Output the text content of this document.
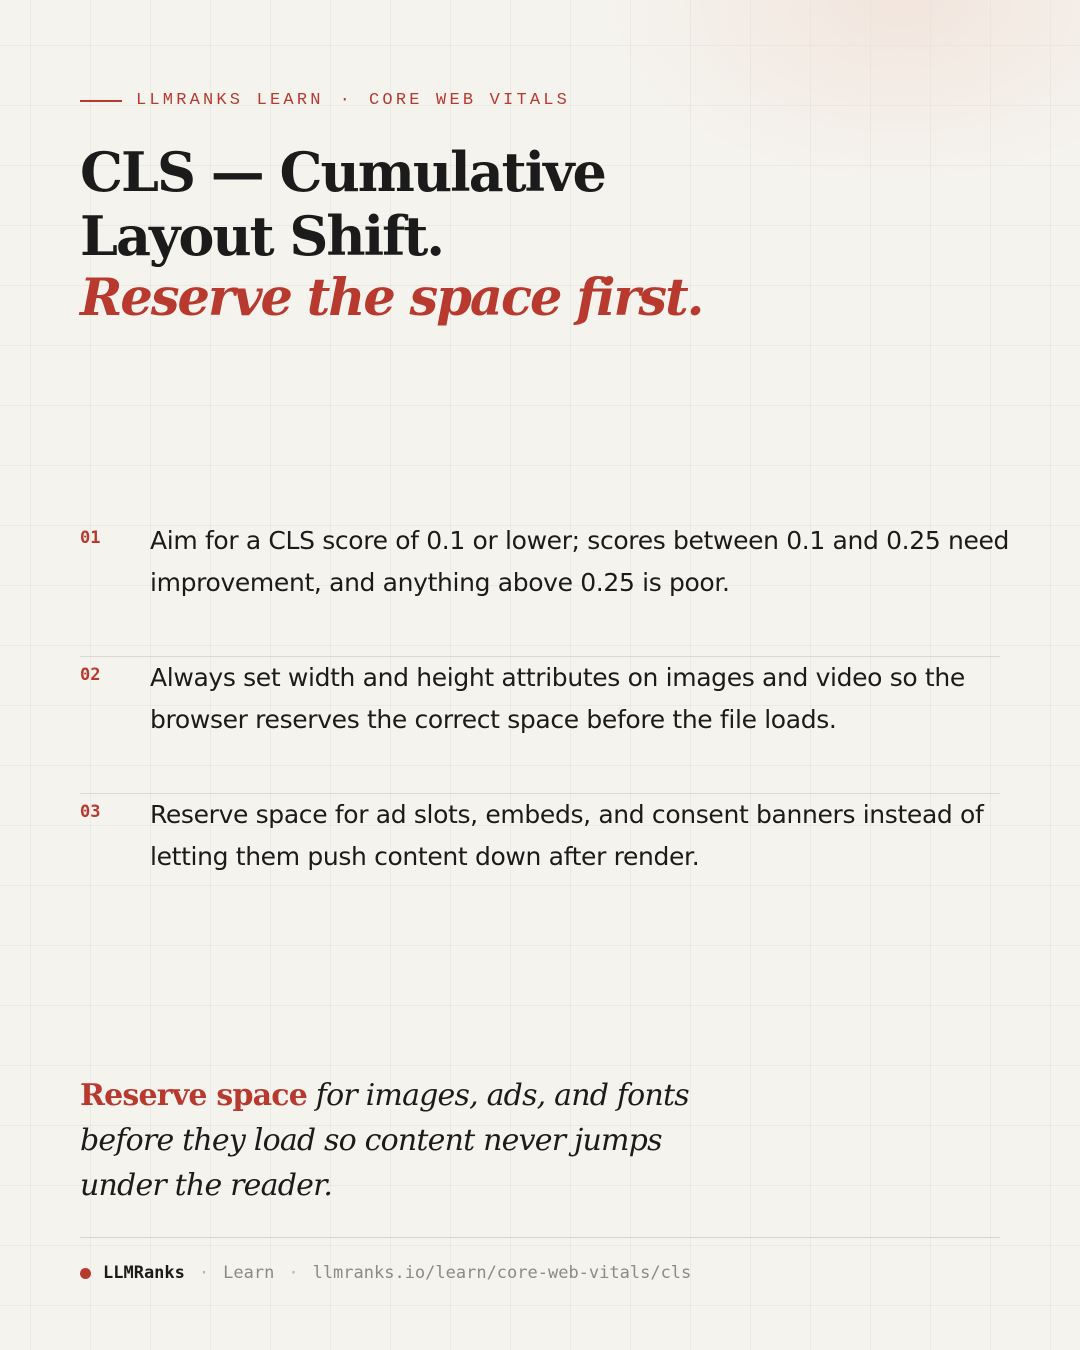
LLMRANKS LEARN · CORE WEB VITALS
CLS — Cumulative Layout Shift.
Reserve the space first.
01 Aim for a CLS score of 0.1 or lower; scores between 0.1 and 0.25 need improvement, and anything above 0.25 is poor.
02 Always set width and height attributes on images and video so the browser reserves the correct space before the file loads.
03 Reserve space for ad slots, embeds, and consent banners instead of letting them push content down after render.

Reserve space for images, ads, and fonts before they load so content never jumps under the reader.

LLMRanks · Learn · llmranks.io/learn/core-web-vitals/cls
